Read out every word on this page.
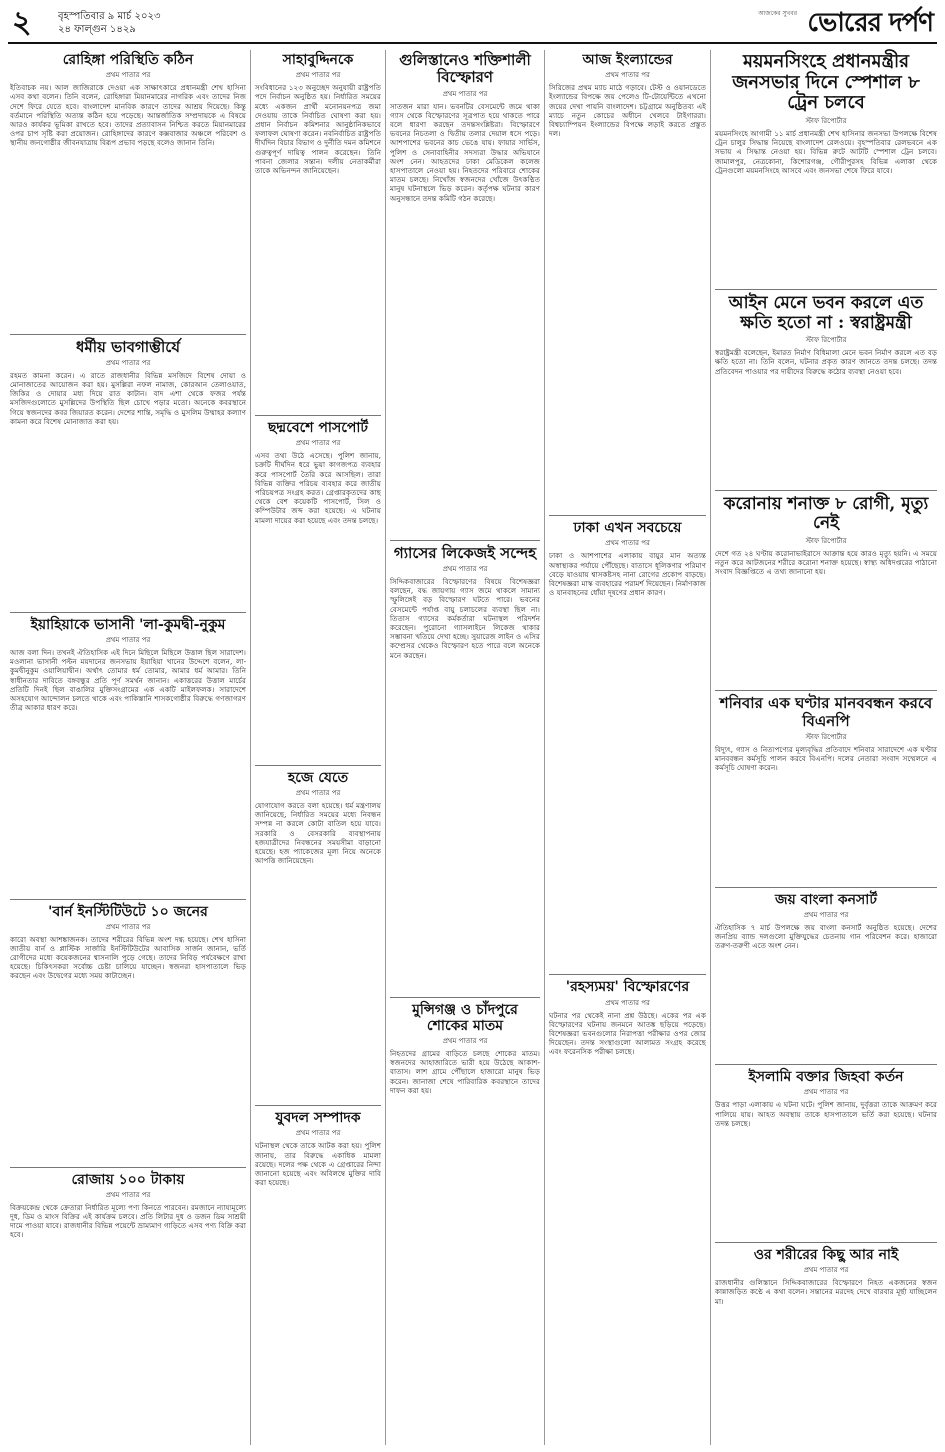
২	বৃহস্পতিবার ৯ মার্চ ২০২৩
২৪ ফাল্গুন ১৪২৯
আজকের সুখবর ভোরের দর্পণ
রোহিঙ্গা পরিস্থিতি কঠিন
প্রথম পাতার পর
ইতিবাচক নয়। আল জাজিরাকে দেওয়া এক সাক্ষাৎকারে প্রধানমন্ত্রী শেখ হাসিনা এসব কথা বলেন। তিনি বলেন, রোহিঙ্গারা মিয়ানমারের নাগরিক এবং তাদের নিজ দেশে ফিরে যেতে হবে। বাংলাদেশ মানবিক কারণে তাদের আশ্রয় দিয়েছে। কিন্তু বর্তমানে পরিস্থিতি অত্যন্ত কঠিন হয়ে পড়েছে। আন্তর্জাতিক সম্প্রদায়কে এ বিষয়ে আরও কার্যকর ভূমিকা রাখতে হবে। তাদের প্রত্যাবাসন নিশ্চিত করতে মিয়ানমারের ওপর চাপ সৃষ্টি করা প্রয়োজন। রোহিঙ্গাদের কারণে কক্সবাজার অঞ্চলে পরিবেশ ও স্থানীয় জনগোষ্ঠীর জীবনযাত্রায় বিরূপ প্রভাব পড়ছে বলেও জানান তিনি।
ধর্মীয় ভাবগাম্ভীর্যে
প্রথম পাতার পর
রহমত কামনা করেন। এ রাতে রাজধানীর বিভিন্ন মসজিদে বিশেষ দোয়া ও মোনাজাতের আয়োজন করা হয়। মুসল্লিরা নফল নামাজ, কোরআন তেলাওয়াত, জিকির ও দোয়ার মধ্য দিয়ে রাত কাটান। বাদ এশা থেকে ফজর পর্যন্ত মসজিদগুলোতে মুসল্লিদের উপস্থিতি ছিল চোখে পড়ার মতো। অনেকে কবরস্থানে গিয়ে স্বজনদের কবর জিয়ারত করেন। দেশের শান্তি, সমৃদ্ধি ও মুসলিম উম্মাহর কল্যাণ কামনা করে বিশেষ মোনাজাত করা হয়।
ইয়াহিয়াকে ভাসানী 'লা-কুমদ্বী-নুকুম
প্রথম পাতার পর
আজ বলা দিন। তখনই ঐতিহাসিক এই দিনে মিছিলে মিছিলে উত্তাল ছিল সারাদেশ। মওলানা ভাসানী পল্টন ময়দানের জনসভায় ইয়াহিয়া খানের উদ্দেশে বলেন, লা-কুমদ্বীনুকুম ওয়ালিয়াদ্বীন। অর্থাৎ তোমার ধর্ম তোমার, আমার ধর্ম আমার। তিনি স্বাধীনতার দাবিতে বঙ্গবন্ধুর প্রতি পূর্ণ সমর্থন জানান। একাত্তরের উত্তাল মার্চের প্রতিটি দিনই ছিল বাঙালির মুক্তিসংগ্রামের এক একটি মাইলফলক। সারাদেশে অসহযোগ আন্দোলন চলতে থাকে এবং পাকিস্তানি শাসকগোষ্ঠীর বিরুদ্ধে গণজাগরণ তীব্র আকার ধারণ করে।
'বার্ন ইনস্টিটিউটে ১০ জনের
প্রথম পাতার পর
কারো অবস্থা আশঙ্কাজনক। তাদের শরীরের বিভিন্ন অংশ দগ্ধ হয়েছে। শেখ হাসিনা জাতীয় বার্ন ও প্লাস্টিক সার্জারি ইনস্টিটিউটের আবাসিক সার্জন জানান, ভর্তি রোগীদের মধ্যে কয়েকজনের শ্বাসনালি পুড়ে গেছে। তাদের নিবিড় পর্যবেক্ষণে রাখা হয়েছে। চিকিৎসকরা সর্বোচ্চ চেষ্টা চালিয়ে যাচ্ছেন। স্বজনরা হাসপাতালে ভিড় করছেন এবং উদ্বেগের মধ্যে সময় কাটাচ্ছেন।
রোজায় ১০০ টাকায়
প্রথম পাতার পর
বিক্রয়কেন্দ্র থেকে ক্রেতারা নির্ধারিত মূল্যে পণ্য কিনতে পারবেন। রমজানে ন্যায্যমূল্যে দুধ, ডিম ও মাংস বিক্রির এই কার্যক্রম চলবে। প্রতি লিটার দুধ ও ডজন ডিম সাশ্রয়ী দামে পাওয়া যাবে। রাজধানীর বিভিন্ন পয়েন্টে ভ্রাম্যমাণ গাড়িতে এসব পণ্য বিক্রি করা হবে।
সাহাবুদ্দিনকে
প্রথম পাতার পর
সংবিধানের ১২৩ অনুচ্ছেদ অনুযায়ী রাষ্ট্রপতি পদে নির্বাচন অনুষ্ঠিত হয়। নির্ধারিত সময়ের মধ্যে একজন প্রার্থী মনোনয়নপত্র জমা দেওয়ায় তাকে নির্বাচিত ঘোষণা করা হয়। প্রধান নির্বাচন কমিশনার আনুষ্ঠানিকভাবে ফলাফল ঘোষণা করেন। নবনির্বাচিত রাষ্ট্রপতি দীর্ঘদিন বিচার বিভাগ ও দুর্নীতি দমন কমিশনে গুরুত্বপূর্ণ দায়িত্ব পালন করেছেন। তিনি পাবনা জেলার সন্তান। দলীয় নেতাকর্মীরা তাকে অভিনন্দন জানিয়েছেন।
ছদ্মবেশে পাসপোর্ট
প্রথম পাতার পর
এসব তথ্য উঠে এসেছে। পুলিশ জানায়, চক্রটি দীর্ঘদিন ধরে ভুয়া কাগজপত্র ব্যবহার করে পাসপোর্ট তৈরি করে আসছিল। তারা বিভিন্ন ব্যক্তির পরিচয় ব্যবহার করে জাতীয় পরিচয়পত্র সংগ্রহ করত। গ্রেপ্তারকৃতদের কাছ থেকে বেশ কয়েকটি পাসপোর্ট, সিল ও কম্পিউটার জব্দ করা হয়েছে। এ ঘটনায় মামলা দায়ের করা হয়েছে এবং তদন্ত চলছে।
হজে যেতে
প্রথম পাতার পর
যোগাযোগ করতে বলা হয়েছে। ধর্ম মন্ত্রণালয় জানিয়েছে, নির্ধারিত সময়ের মধ্যে নিবন্ধন সম্পন্ন না করলে কোটা বাতিল হয়ে যাবে। সরকারি ও বেসরকারি ব্যবস্থাপনায় হজযাত্রীদের নিবন্ধনের সময়সীমা বাড়ানো হয়েছে। হজ প্যাকেজের মূল্য নিয়ে অনেকে আপত্তি জানিয়েছেন।
যুবদল সম্পাদক
প্রথম পাতার পর
ঘটনাস্থল থেকে তাকে আটক করা হয়। পুলিশ জানায়, তার বিরুদ্ধে একাধিক মামলা রয়েছে। দলের পক্ষ থেকে এ গ্রেপ্তারের নিন্দা জানানো হয়েছে এবং অবিলম্বে মুক্তির দাবি করা হয়েছে।
গুলিস্তানেও শক্তিশালী বিস্ফোরণ
প্রথম পাতার পর
সাতজন মারা যান। ভবনটির বেসমেন্টে জমে থাকা গ্যাস থেকে বিস্ফোরণের সূত্রপাত হয়ে থাকতে পারে বলে ধারণা করছেন তদন্তসংশ্লিষ্টরা। বিস্ফোরণে ভবনের নিচতলা ও দ্বিতীয় তলার দেয়াল ধসে পড়ে। আশপাশের ভবনের কাচ ভেঙে যায়। ফায়ার সার্ভিস, পুলিশ ও সেনাবাহিনীর সদস্যরা উদ্ধার অভিযানে অংশ নেন। আহতদের ঢাকা মেডিকেল কলেজ হাসপাতালে নেওয়া হয়। নিহতদের পরিবারে শোকের মাতম চলছে। নিখোঁজ স্বজনদের খোঁজে উৎকণ্ঠিত মানুষ ঘটনাস্থলে ভিড় করেন। কর্তৃপক্ষ ঘটনার কারণ অনুসন্ধানে তদন্ত কমিটি গঠন করেছে।
গ্যাসের লিকেজই সন্দেহ
প্রথম পাতার পর
সিদ্দিকবাজারের বিস্ফোরণের বিষয়ে বিশেষজ্ঞরা বলছেন, বদ্ধ জায়গায় গ্যাস জমে থাকলে সামান্য স্ফুলিঙ্গেই বড় বিস্ফোরণ ঘটতে পারে। ভবনের বেসমেন্টে পর্যাপ্ত বায়ু চলাচলের ব্যবস্থা ছিল না। তিতাস গ্যাসের কর্মকর্তারা ঘটনাস্থল পরিদর্শন করেছেন। পুরোনো গ্যাসলাইনে লিকেজ থাকার সম্ভাবনা খতিয়ে দেখা হচ্ছে। সুয়ারেজ লাইন ও এসির কম্প্রেসর থেকেও বিস্ফোরণ হতে পারে বলে অনেকে মনে করছেন।
মুন্সিগঞ্জ ও চাঁদপুরে শোকের মাতম
প্রথম পাতার পর
নিহতদের গ্রামের বাড়িতে চলছে শোকের মাতম। স্বজনদের আহাজারিতে ভারী হয়ে উঠেছে আকাশ-বাতাস। লাশ গ্রামে পৌঁছালে হাজারো মানুষ ভিড় করেন। জানাজা শেষে পারিবারিক কবরস্থানে তাদের দাফন করা হয়।
আজ ইংল্যান্ডের
প্রথম পাতার পর
সিরিজের প্রথম ম্যাচ মাঠে গড়াবে। টেস্ট ও ওয়ানডেতে ইংল্যান্ডের বিপক্ষে জয় পেলেও টি-টোয়েন্টিতে এখনো জয়ের দেখা পায়নি বাংলাদেশ। চট্টগ্রামে অনুষ্ঠিতব্য এই ম্যাচে নতুন কোচের অধীনে খেলবে টাইগাররা। বিশ্বচ্যাম্পিয়ন ইংল্যান্ডের বিপক্ষে লড়াই করতে প্রস্তুত দল।
ঢাকা এখন সবচেয়ে
প্রথম পাতার পর
ঢাকা ও আশপাশের এলাকায় বায়ুর মান অত্যন্ত অস্বাস্থ্যকর পর্যায়ে পৌঁছেছে। বাতাসে ধূলিকণার পরিমাণ বেড়ে যাওয়ায় শ্বাসকষ্টসহ নানা রোগের প্রকোপ বাড়ছে। বিশেষজ্ঞরা মাস্ক ব্যবহারের পরামর্শ দিয়েছেন। নির্মাণকাজ ও যানবাহনের ধোঁয়া দূষণের প্রধান কারণ।
'রহস্যময়' বিস্ফোরণের
প্রথম পাতার পর
ঘটনার পর থেকেই নানা প্রশ্ন উঠছে। একের পর এক বিস্ফোরণের ঘটনায় জনমনে আতঙ্ক ছড়িয়ে পড়েছে। বিশেষজ্ঞরা ভবনগুলোর নিরাপত্তা পরীক্ষার ওপর জোর দিয়েছেন। তদন্ত সংস্থাগুলো আলামত সংগ্রহ করেছে এবং ফরেনসিক পরীক্ষা চলছে।
ময়মনসিংহে প্রধানমন্ত্রীর জনসভার দিনে স্পেশাল ৮ ট্রেন চলবে
স্টাফ রিপোর্টার
ময়মনসিংহে আগামী ১১ মার্চ প্রধানমন্ত্রী শেখ হাসিনার জনসভা উপলক্ষে বিশেষ ট্রেন চালুর সিদ্ধান্ত নিয়েছে বাংলাদেশ রেলওয়ে। বৃহস্পতিবার রেলভবনে এক সভায় এ সিদ্ধান্ত নেওয়া হয়। বিভিন্ন রুটে আটটি স্পেশাল ট্রেন চলবে। জামালপুর, নেত্রকোনা, কিশোরগঞ্জ, গৌরীপুরসহ বিভিন্ন এলাকা থেকে ট্রেনগুলো ময়মনসিংহে আসবে এবং জনসভা শেষে ফিরে যাবে।
আইন মেনে ভবন করলে এত ক্ষতি হতো না : স্বরাষ্ট্রমন্ত্রী
স্টাফ রিপোর্টার
স্বরাষ্ট্রমন্ত্রী বলেছেন, ইমারত নির্মাণ বিধিমালা মেনে ভবন নির্মাণ করলে এত বড় ক্ষতি হতো না। তিনি বলেন, ঘটনার প্রকৃত কারণ জানতে তদন্ত চলছে। তদন্ত প্রতিবেদন পাওয়ার পর দায়ীদের বিরুদ্ধে কঠোর ব্যবস্থা নেওয়া হবে।
করোনায় শনাক্ত ৮ রোগী, মৃত্যু নেই
স্টাফ রিপোর্টার
দেশে গত ২৪ ঘণ্টায় করোনাভাইরাসে আক্রান্ত হয়ে কারও মৃত্যু হয়নি। এ সময়ে নতুন করে আটজনের শরীরে করোনা শনাক্ত হয়েছে। স্বাস্থ্য অধিদপ্তরের পাঠানো সংবাদ বিজ্ঞপ্তিতে এ তথ্য জানানো হয়।
শনিবার এক ঘণ্টার মানববন্ধন করবে বিএনপি
স্টাফ রিপোর্টার
বিদ্যুৎ, গ্যাস ও নিত্যপণ্যের মূল্যবৃদ্ধির প্রতিবাদে শনিবার সারাদেশে এক ঘণ্টার মানববন্ধন কর্মসূচি পালন করবে বিএনপি। দলের নেতারা সংবাদ সম্মেলনে এ কর্মসূচি ঘোষণা করেন।
জয় বাংলা কনসার্ট
প্রথম পাতার পর
ঐতিহাসিক ৭ মার্চ উপলক্ষে জয় বাংলা কনসার্ট অনুষ্ঠিত হয়েছে। দেশের জনপ্রিয় ব্যান্ড দলগুলো মুক্তিযুদ্ধের চেতনায় গান পরিবেশন করে। হাজারো তরুণ-তরুণী এতে অংশ নেন।
ইসলামি বক্তার জিহবা কর্তন
প্রথম পাতার পর
উত্তর পাড়া এলাকায় এ ঘটনা ঘটে। পুলিশ জানায়, দুর্বৃত্তরা তাকে আক্রমণ করে পালিয়ে যায়। আহত অবস্থায় তাকে হাসপাতালে ভর্তি করা হয়েছে। ঘটনার তদন্ত চলছে।
ওর শরীরের কিছু আর নাই
প্রথম পাতার পর
রাজধানীর গুলিস্তানে সিদ্দিকবাজারের বিস্ফোরণে নিহত একজনের স্বজন কান্নাজড়িত কণ্ঠে এ কথা বলেন। সন্তানের মরদেহ দেখে বারবার মূর্ছা যাচ্ছিলেন মা।
